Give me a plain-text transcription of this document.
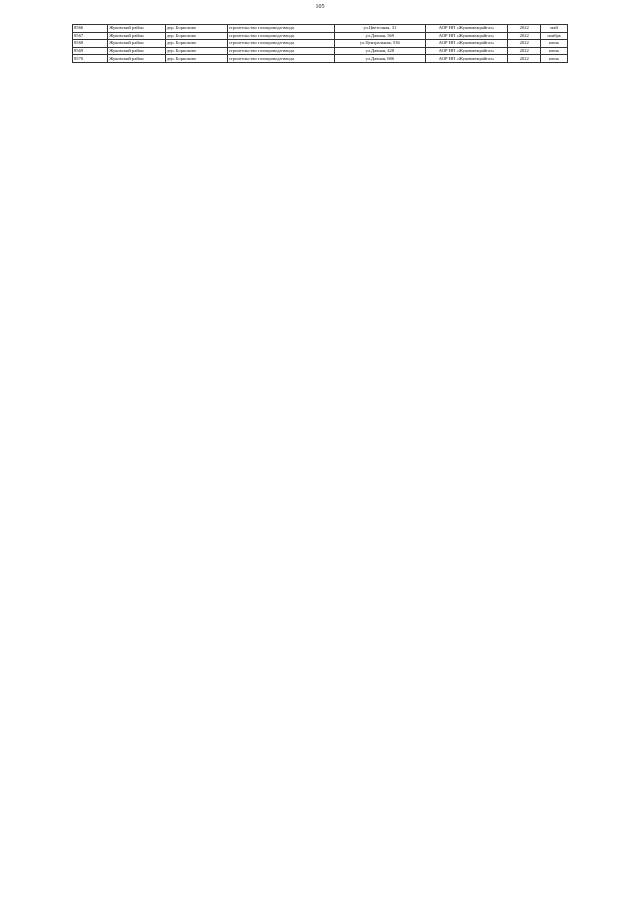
105
8566	Жуковский район	дер. Борисково	строительство газопровода-ввода	ул.Цветочная, 31	АОР НП «Жуковмежрайгаз»	2022	май
8567	Жуковский район	дер. Борисково	строительство газопровода-ввода	ул.Дачная, 569	АОР НП «Жуковмежрайгаз»	2022	ноябрь
8568	Жуковский район	дер. Борисково	строительство газопровода-ввода	ул.Центральная, 536	АОР НП «Жуковмежрайгаз»	2022	июль
8569	Жуковский район	дер. Борисково	строительство газопровода-ввода	ул.Дачная, 428	АОР НП «Жуковмежрайгаз»	2022	июль
8570	Жуковский район	дер. Борисково	строительство газопровода-ввода	ул.Дачная, 686	АОР НП «Жуковмежрайгаз»	2022	июль
